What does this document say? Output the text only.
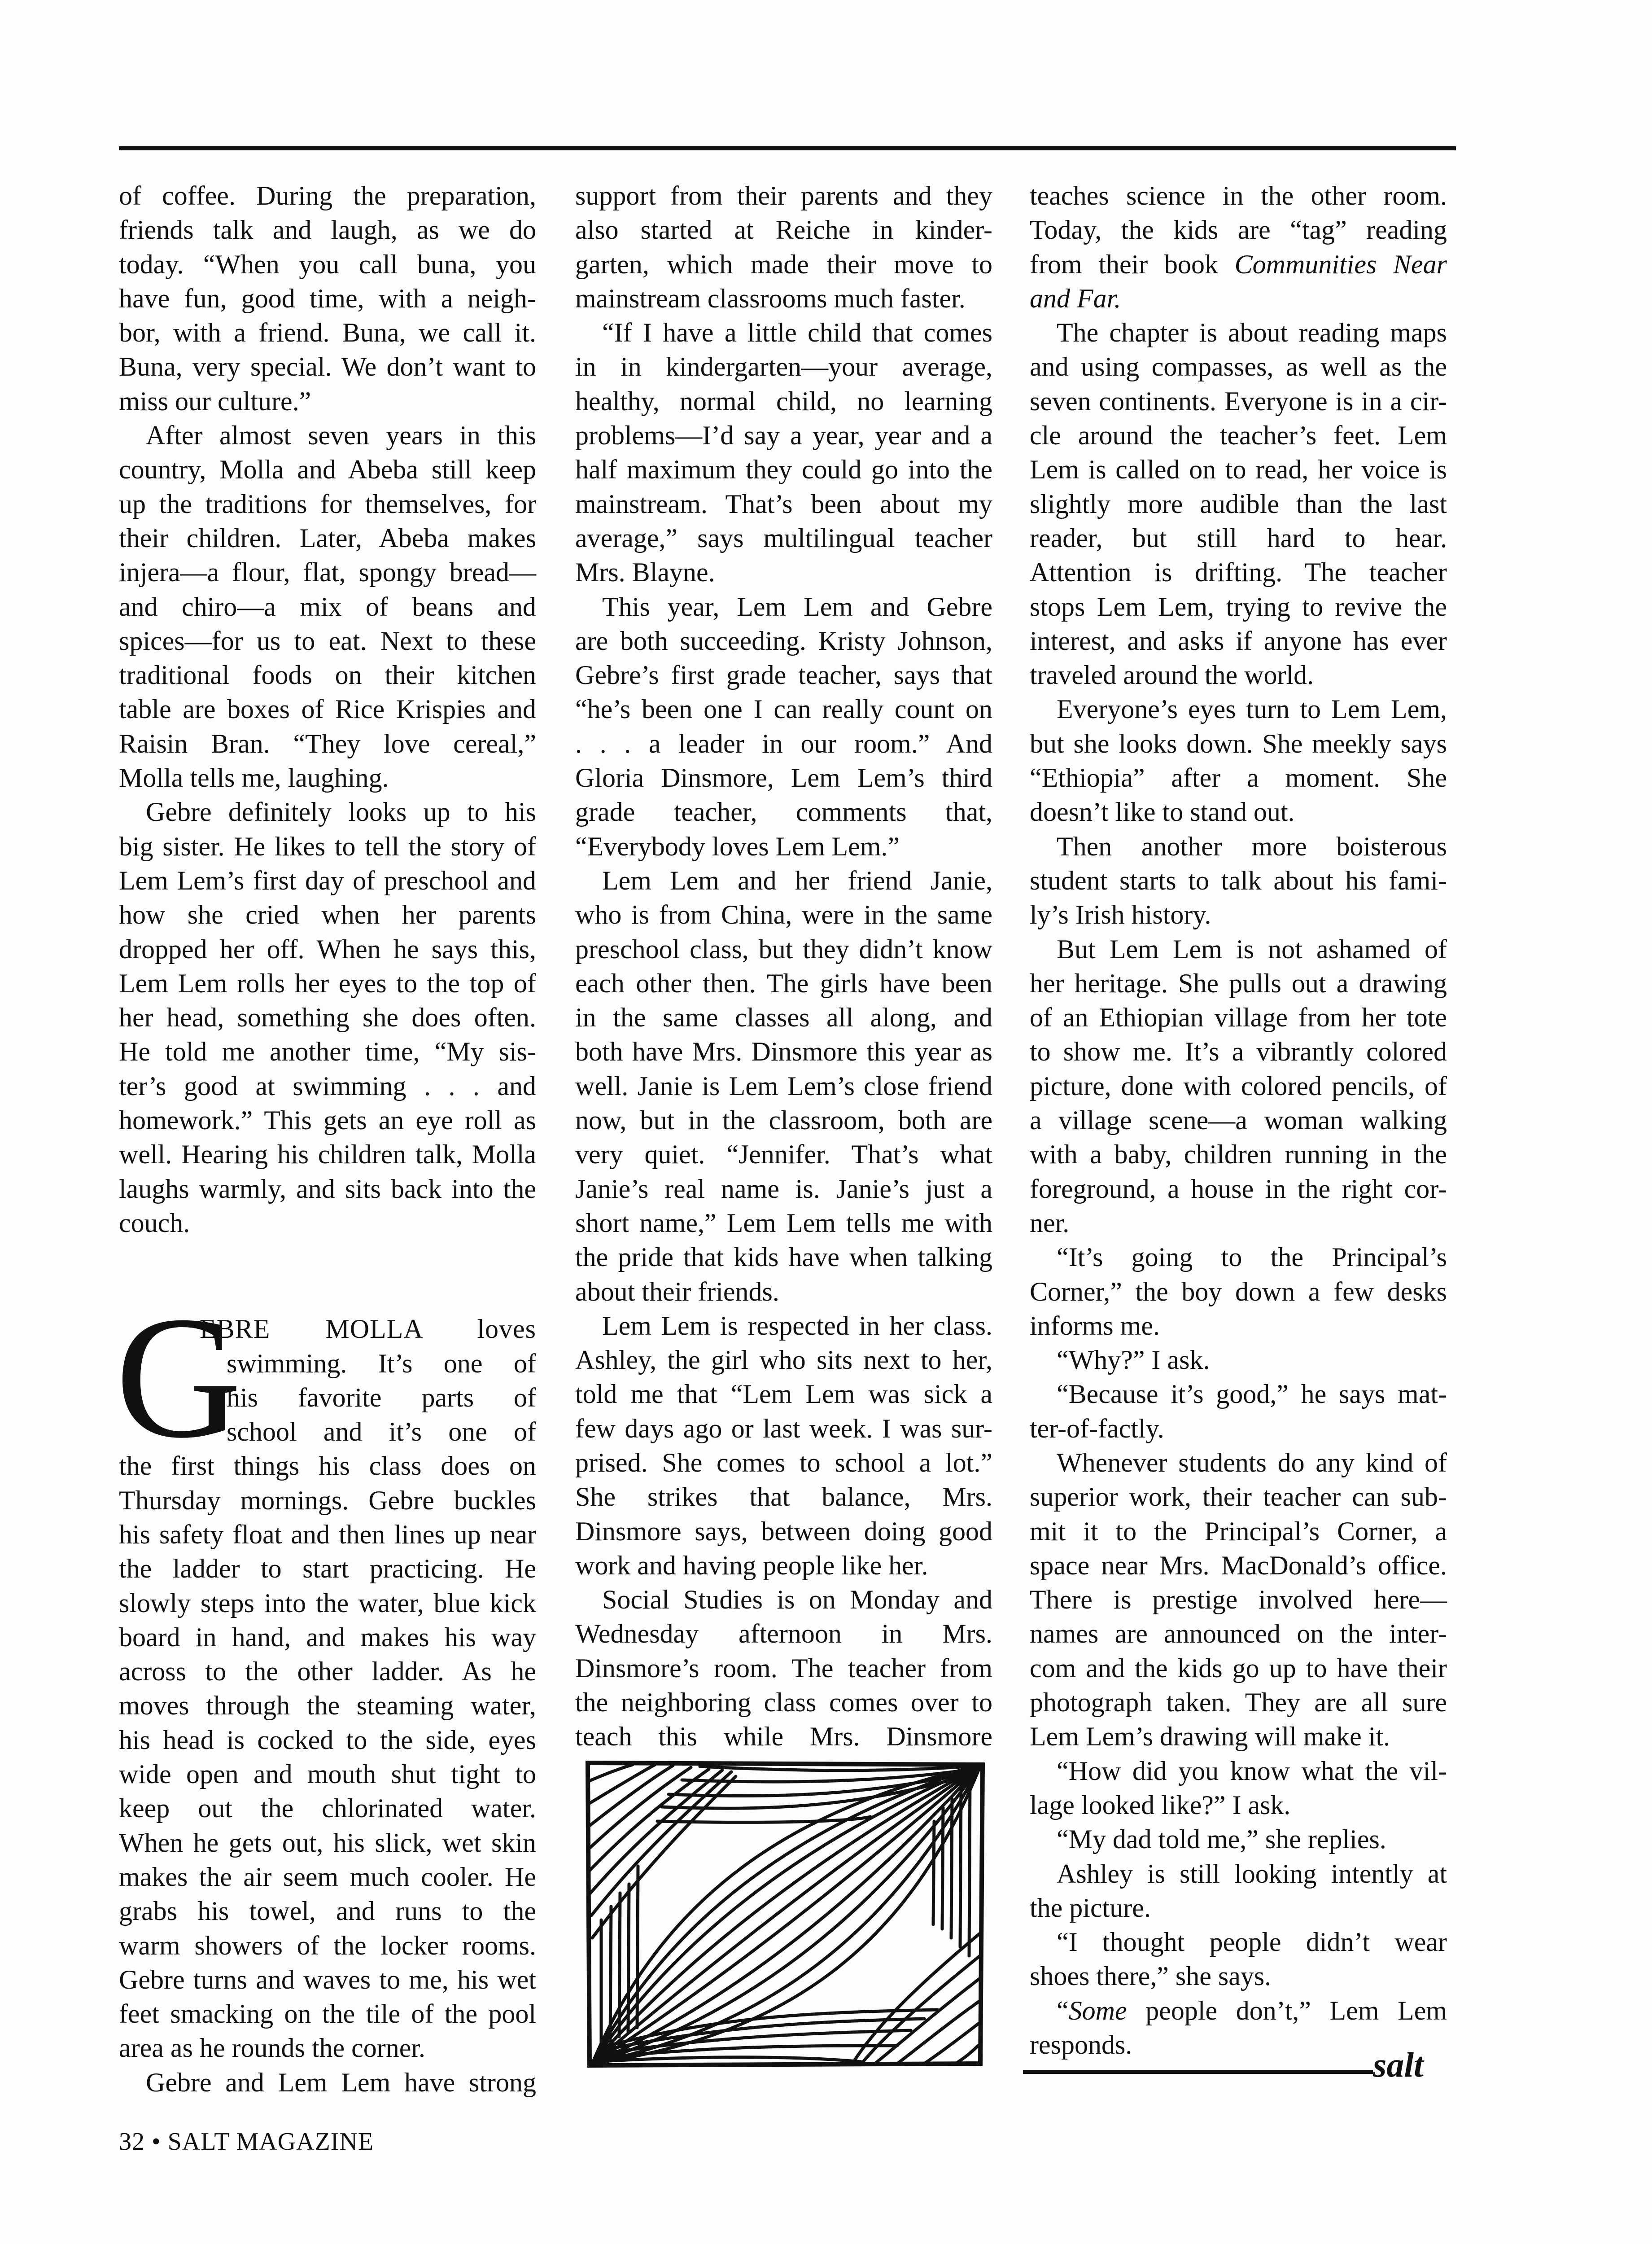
of coffee. During the preparation,
friends talk and laugh, as we do
today. “When you call buna, you
have fun, good time, with a neigh-
bor, with a friend. Buna, we call it.
Buna, very special. We don’t want to
miss our culture.”
After almost seven years in this
country, Molla and Abeba still keep
up the traditions for themselves, for
their children. Later, Abeba makes
injera—a flour, flat, spongy bread—
and chiro—a mix of beans and
spices—for us to eat. Next to these
traditional foods on their kitchen
table are boxes of Rice Krispies and
Raisin Bran. “They love cereal,”
Molla tells me, laughing.
Gebre definitely looks up to his
big sister. He likes to tell the story of
Lem Lem’s first day of preschool and
how she cried when her parents
dropped her off. When he says this,
Lem Lem rolls her eyes to the top of
her head, something she does often.
He told me another time, “My sis-
ter’s good at swimming . . . and
homework.” This gets an eye roll as
well. Hearing his children talk, Molla
laughs warmly, and sits back into the
couch.
G
EBRE MOLLA loves
swimming. It’s one of
his favorite parts of
school and it’s one of
the first things his class does on
Thursday mornings. Gebre buckles
his safety float and then lines up near
the ladder to start practicing. He
slowly steps into the water, blue kick
board in hand, and makes his way
across to the other ladder. As he
moves through the steaming water,
his head is cocked to the side, eyes
wide open and mouth shut tight to
keep out the chlorinated water.
When he gets out, his slick, wet skin
makes the air seem much cooler. He
grabs his towel, and runs to the
warm showers of the locker rooms.
Gebre turns and waves to me, his wet
feet smacking on the tile of the pool
area as he rounds the corner.
Gebre and Lem Lem have strong
support from their parents and they
also started at Reiche in kinder-
garten, which made their move to
mainstream classrooms much faster.
“If I have a little child that comes
in in kindergarten—your average,
healthy, normal child, no learning
problems—I’d say a year, year and a
half maximum they could go into the
mainstream. That’s been about my
average,” says multilingual teacher
Mrs. Blayne.
This year, Lem Lem and Gebre
are both succeeding. Kristy Johnson,
Gebre’s first grade teacher, says that
“he’s been one I can really count on
. . . a leader in our room.” And
Gloria Dinsmore, Lem Lem’s third
grade teacher, comments that,
“Everybody loves Lem Lem.”
Lem Lem and her friend Janie,
who is from China, were in the same
preschool class, but they didn’t know
each other then. The girls have been
in the same classes all along, and
both have Mrs. Dinsmore this year as
well. Janie is Lem Lem’s close friend
now, but in the classroom, both are
very quiet. “Jennifer. That’s what
Janie’s real name is. Janie’s just a
short name,” Lem Lem tells me with
the pride that kids have when talking
about their friends.
Lem Lem is respected in her class.
Ashley, the girl who sits next to her,
told me that “Lem Lem was sick a
few days ago or last week. I was sur-
prised. She comes to school a lot.”
She strikes that balance, Mrs.
Dinsmore says, between doing good
work and having people like her.
Social Studies is on Monday and
Wednesday afternoon in Mrs.
Dinsmore’s room. The teacher from
the neighboring class comes over to
teach this while Mrs. Dinsmore
teaches science in the other room.
Today, the kids are “tag” reading
from their book Communities Near
and Far.
The chapter is about reading maps
and using compasses, as well as the
seven continents. Everyone is in a cir-
cle around the teacher’s feet. Lem
Lem is called on to read, her voice is
slightly more audible than the last
reader, but still hard to hear.
Attention is drifting. The teacher
stops Lem Lem, trying to revive the
interest, and asks if anyone has ever
traveled around the world.
Everyone’s eyes turn to Lem Lem,
but she looks down. She meekly says
“Ethiopia” after a moment. She
doesn’t like to stand out.
Then another more boisterous
student starts to talk about his fami-
ly’s Irish history.
But Lem Lem is not ashamed of
her heritage. She pulls out a drawing
of an Ethiopian village from her tote
to show me. It’s a vibrantly colored
picture, done with colored pencils, of
a village scene—a woman walking
with a baby, children running in the
foreground, a house in the right cor-
ner.
“It’s going to the Principal’s
Corner,” the boy down a few desks
informs me.
“Why?” I ask.
“Because it’s good,” he says mat-
ter-of-factly.
Whenever students do any kind of
superior work, their teacher can sub-
mit it to the Principal’s Corner, a
space near Mrs. MacDonald’s office.
There is prestige involved here—
names are announced on the inter-
com and the kids go up to have their
photograph taken. They are all sure
Lem Lem’s drawing will make it.
“How did you know what the vil-
lage looked like?” I ask.
“My dad told me,” she replies.
Ashley is still looking intently at
the picture.
“I thought people didn’t wear
shoes there,” she says.
“Some people don’t,” Lem Lem
responds.
salt
32 • SALT MAGAZINE
